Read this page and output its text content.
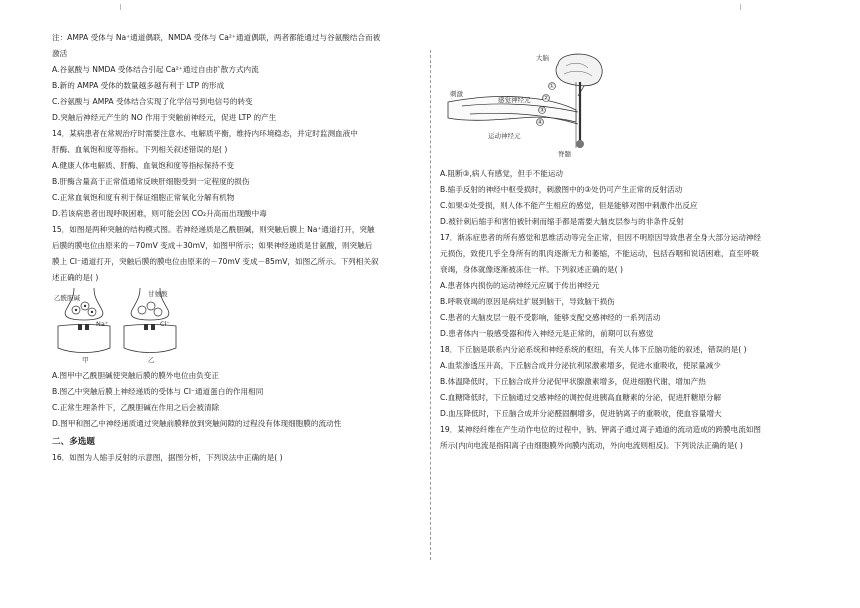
注：AMPA 受体与 Na⁺通道偶联，NMDA 受体与 Ca²⁺通道偶联，两者都能通过与谷氨酸结合而被

激活

A.谷氨酸与 NMDA 受体结合引起 Ca²⁺通过自由扩散方式内流

B.新的 AMPA 受体的数量越多越有利于 LTP 的形成

C.谷氨酸与 AMPA 受体结合实现了化学信号到电信号的转变

D.突触后神经元产生的 NO 作用于突触前神经元，促进 LTP 的产生

14．某病患者在常规治疗时需要注意水、电解质平衡，维持内环境稳态，并定时监测血液中

肝酶、血氧饱和度等指标。下列相关叙述错误的是( )

A.健康人体电解质、肝酶、血氧饱和度等指标保持不变

B.肝酶含量高于正常值通常反映肝细胞受到一定程度的损伤

C.正常血氧饱和度有利于保证细胞正常氧化分解有机物

D.若该病患者出现呼吸困难，则可能会因 CO₂升高而出现酸中毒

15．如图是两种突触的结构模式图。若神经递质是乙酰胆碱，则突触后膜上 Na⁺通道打开，突触

后膜的膜电位由原来的－70mV 变成＋30mV，如图甲所示；如果神经递质是甘氨酸，则突触后

膜上 Cl⁻通道打开，突触后膜的膜电位由原来的－70mV 变成－85mV，如图乙所示。下列相关叙

述正确的是( )

乙酰胆碱
Na⁺
甲
甘氨酸
Cl⁻
乙

A.图甲中乙酰胆碱使突触后膜的膜外电位由负变正

B.图乙中突触后膜上神经递质的受体与 Cl⁻通道蛋白的作用相同

C.正常生理条件下，乙酰胆碱在作用之后会被清除

D.图甲和图乙中神经递质通过突触前膜释放到突触间隙的过程没有体现细胞膜的流动性

二、多选题

16．如图为人缩手反射的示意图，据图分析，下列说法中正确的是( )

大脑
刺激
感觉神经元
运动神经元
脊髓
①
②
③
④

A.阻断③,病人有感觉，但手不能运动

B.缩手反射的神经中枢受损时，刺激图中的③处仍可产生正常的反射活动

C.如果①处受损，则人体不能产生相应的感觉，但是能够对图中刺激作出反应

D.被针刺后缩手和害怕被针刺而缩手都是需要大脑皮层参与的非条件反射

17．渐冻症患者的所有感觉和思维活动等完全正常，但因不明原因导致患者全身大部分运动神经

元损伤，致使几乎全身所有的肌肉逐渐无力和萎缩，不能运动，包括吞咽和说话困难，直至呼吸

衰竭，身体就像逐渐被冻住一样。下列叙述正确的是( )

A.患者体内损伤的运动神经元应属于传出神经元

B.呼吸衰竭的原因是病灶扩展到脑干，导致脑干损伤

C.患者的大脑皮层一般不受影响，能够支配交感神经的一系列活动

D.患者体内一般感受器和传入神经元是正常的，前期可以有感觉

18．下丘脑是联系内分泌系统和神经系统的枢纽，有关人体下丘脑功能的叙述，错误的是( )

A.血浆渗透压升高，下丘脑合成并分泌抗利尿激素增多，促进水重吸收，使尿量减少

B.体温降低时，下丘脑合成并分泌促甲状腺激素增多，促进细胞代谢，增加产热

C.血糖降低时，下丘脑通过交感神经的调控促进胰高血糖素的分泌，促进肝糖原分解

D.血压降低时，下丘脑合成并分泌醛固酮增多，促进钠离子的重吸收，使血容量增大

19．某神经纤维在产生动作电位的过程中，钠、钾离子通过离子通道的流动造成的跨膜电流如图

所示(内向电流是指阳离子由细胞膜外向膜内流动，外向电流则相反)。下列说法正确的是( )
